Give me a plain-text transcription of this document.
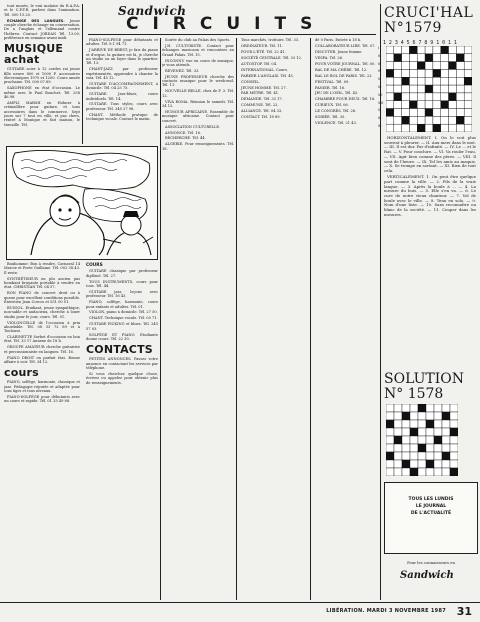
Sandwich
CIRCUITS

tout musée, le vrai malaise du R.A.P.A. et le C.P.F.R. parlent dans l'animation. Tél. 000 15.20.

ECHANGE DES LANGUES. Jeune couple cherche échange en conversation. De a l'anglais et l'allemand contre l'hébreu. Contact JORDAN Tél. 13.00, préférence en semaine avant midi.

MUSIQUE achat

GUITARE acier à 12 cordes rai jeune fille neuve 800 et 1000 F. accessoires électroniques 1970 et 1200. Cours année prochaine. Tél. 000 07.89.

SAXOPHONE en état d'occasion. Le même avec le Paul Bouchet. Tél. 258 46.98.

AMPLI MARSH en Hohner à crémaillère pour guitare, et tous accessoires dans le commerce. Sept jours sur 7 tout en ville, et pas chers, rentré à Monique et fait maison, le travaille. Tél.

Bonhomme: Bon à rendre, Carnaval 14 Marcie et Porte Guillame. Tél. 002 38.43. Il reste.

SYNTHÉTISEUR en plu ancien pas bombant bruyante portable à vendre en état. CHRISTIAN Tél. 04 57.

BON PIANO de concert droit ou à queue pour excellent conditions possible. Entretien Jean Corcos et 551 00 01.

BUSSOL. Etudiant, jeune sympathique, non-sable et audacieux, cherche à louer studio pour le jour, cours. Tél. 01.

VIOLONCELLE de l'occasion à prix abordable. Tél. 08 33 72 89 et à Toulouse.

CLARINETTE Sorbet d'occasion en bon état. Tél. 33 17 Annexe de 18 h.

GROUPE AMATEUR cherche guitariste et percussionniste en langues. Tél. 16.

PIANO DROIT en parfait état. Bonne affaire à voir. Tél. 34 12.

cours

PIANO, solfège, harmonie, classique et jazz. Pédagogie réputée et adaptée pour tous âges et tous niveaux.

PIANO-SOLFÈGE pour débutants avec un cours et rapide. Tél. 01 33 49 88.

PIANO-SOLFÈGE pour débutants et adultes. Tél. 8.1 94 71.

J'ARRIVE DE BREST, je fais du piano et d'orgue, la guitare est là, je cherche un studio ou un loyer dans le quartier. Tél. 13.

CHANT-JAZZ par professeur expérimentée, apprendre à chanter la voix. Tél. 45 12.

GUITARE D'ACCOMPAGNEMENT, à domicile. Tél. 04 25 75.

GUITARE. Jazz-blues, cours individuels. Tél. 14.

GUITARE. Tous styles, cours avec professeur. Tél. 345 27 98.

CHANT. Méthode pratique de technique vocale. Contact le matin.

COURS

GUITARE classique par professeur diplômé. Tél. 27.

TOUS INSTRUMENTS, cours pour tous. Tél. 44.

GUITARE jazz, leçons avec professeur. Tél. 16 43.

PIANO, solfège, harmonie, cours pour enfants et adultes. Tél. 01.

VIOLON, piano à domicile. Tél. 27 50.

CHANT. Technique vocale. Tél. 00 71.

GUITARE PICKING et blues. Tél. 245 57 03.

SOLFÈGE ET PIANO. Etudiante donne cours. Tél. 22 39.

CONTACTS

PETITES ANNONCES. Passez votre annonce en contactant les services par téléphone.

Si vous cherchez quelque chose, écrivez ou appelez pour obtenir plus de renseignements.

Soirée du club au Palais des Sports.

J.H. CULTURISTE. Contact pour échanges musicaux et rencontres au Grand Palais. Tél. 15.

INCONNU vue en cours de musique, je vous attends.

REVENEZ. Tél. 33.

JEUNE PROFESSEUR cherche des contacts musique pour le week-end. Tél. 11.

NOUVELLE BELLE, chez de F. 3. Tél. 12.

VIVA ROMA. Réunion le samedi. Tél. 34 12.

HUMOUR AFRICAINE. Ensemble de musique africaine. Contact pour concert.

ASSOCIATION CULTURELLE.

ANNONCE. Tél. 16.

RECHERCHE. Tél. 44.

ALGERIE. Pour renseignements. Tél. 18.

Tous marchés, trottoirs. Tél. 33.

ORDINATEUR. Tél. 11.

POUR L'ÉTÉ. Tél. 22 41.

SOCIÉTÉ CENTRALE. Tél. 33 12.

AUTOSTOP. Tél. 04.

INTERNATIONAL. Cours.

PARKER L'ANGLAIS. Tél. 45.

CONSEIL.

JEUNE HOMME. Tél. 27.

PAR MÈTRE. Tél. 41.

DEMANDE. Tél. 33 17.

COMMUNE. Tél. 22.

ALLIANCE. Tél. 04 33.

CONTACT. Tél. 18 89.

dé 0 Paris. Entrée à 18 h.

COLLABORATEUR LIRE. Tél. 07.

DISCUTER. Jeune femme.

VESPA. Tél. 26.

POUR VOTRE JOURNAL. Tél. 00.

BAL DE MA CHÈRE. Tél. 12.

BAL LE BOL DE PARIS. Tél. 23.

FESTIVAL. Tél. 09.

PANIER. Tél. 16.

JEU DE L'OEIL. Tél. 43.

CHAMBRE POUR DEUX. Tél. 16.

CURIEUX. Tél. 06.

LE CONGRÈS. Tél. 28.

SOIRÉE. Tél. 35.

VIOLENCE. Tél. 21 43.

CRUCI'HAL
N°1579
1234567891011
I
II
III
IV
V
VI
VII
VIII
IX
X
XI

HORIZONTALEMENT. I. On le voit plus souvent à pleurer. — II. Aux mers dans le mot. — III. Il est dur. Par d'infinité. — IV. Le ... et le Rat. — V. Pour conclure. — VI. Va rouler l'eau. — VII. Agir bien comme des pères. — VIII. Il sont de l'heure. — IX. Tel les amis au maquis. — X. Se trompe en sortant. — XI. Rien de tout cela.

VERTICALEMENT. 1. On peut être quelque part comme la ville. — 2. Fils de la vraie langue. — 3. Après la boule à ... — 4. La mesure du bois. — 5. Elle s'en va. — 6. Le cure de notre vieux chanteur. — 7. Vol de boule avec le ville. — 8. Tenu en solo. — 9. Nom d'une liste. — 10. Sans reconnaître ou blanc de la société. — 11. Couper dans les mesures.

SOLUTION
N° 1578
TOUS LES LUNDIS
LE JOURNAL
DE L'ACTUALITÉ
Pour les connaisseurs en
Sandwich
LIBÉRATION. MARDI 3 NOVEMBRE 1987 31
